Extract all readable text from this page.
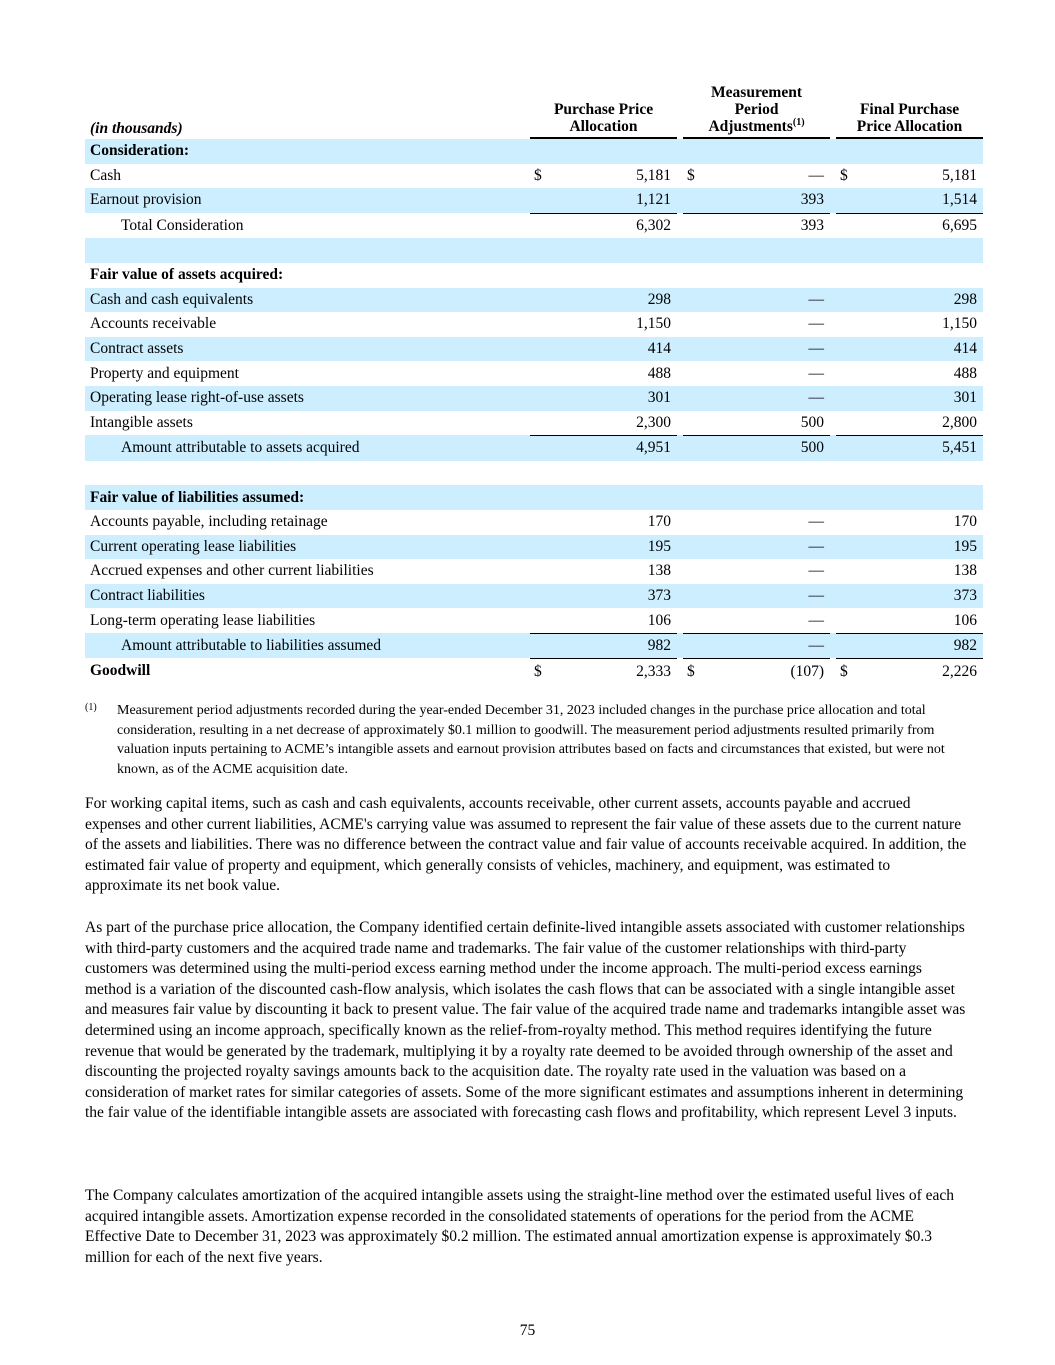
(in thousands)	
Purchase Price
Allocation

Measurement
Period
Adjustments$^{(1)}$

Final Purchase
Price Allocation

Consideration:								
Cash	$	5,181		$	—		$	5,181
Earnout provision		1,121			393			1,514
Total Consideration		6,302			393			6,695

Fair value of assets acquired:								
Cash and cash equivalents		298			—			298
Accounts receivable		1,150			—			1,150
Contract assets		414			—			414
Property and equipment		488			—			488
Operating lease right-of-use assets		301			—			301
Intangible assets		2,300			500			2,800
Amount attributable to assets acquired		4,951			500			5,451

Fair value of liabilities assumed:								
Accounts payable, including retainage		170			—			170
Current operating lease liabilities		195			—			195
Accrued expenses and other current liabilities		138			—			138
Contract liabilities		373			—			373
Long-term operating lease liabilities		106			—			106
Amount attributable to liabilities assumed		982			—			982
Goodwill	$	2,333		$	(107)		$	2,226
(1) Measurement period adjustments recorded during the year-ended December 31, 2023 included changes in the purchase price allocation and total consideration, resulting in a net decrease of approximately $0.1 million to goodwill. The measurement period adjustments resulted primarily from valuation inputs pertaining to ACME’s intangible assets and earnout provision attributes based on facts and circumstances that existed, but were not known, as of the ACME acquisition date.
For working capital items, such as cash and cash equivalents, accounts receivable, other current assets, accounts payable and accrued expenses and other current liabilities, ACME's carrying value was assumed to represent the fair value of these assets due to the current nature of the assets and liabilities. There was no difference between the contract value and fair value of accounts receivable acquired. In addition, the estimated fair value of property and equipment, which generally consists of vehicles, machinery, and equipment, was estimated to approximate its net book value.
As part of the purchase price allocation, the Company identified certain definite-lived intangible assets associated with customer relationships with third-party customers and the acquired trade name and trademarks. The fair value of the customer relationships with third-party customers was determined using the multi-period excess earning method under the income approach. The multi-period excess earnings method is a variation of the discounted cash-flow analysis, which isolates the cash flows that can be associated with a single intangible asset and measures fair value by discounting it back to present value. The fair value of the acquired trade name and trademarks intangible asset was determined using an income approach, specifically known as the relief-from-royalty method. This method requires identifying the future revenue that would be generated by the trademark, multiplying it by a royalty rate deemed to be avoided through ownership of the asset and discounting the projected royalty savings amounts back to the acquisition date. The royalty rate used in the valuation was based on a consideration of market rates for similar categories of assets. Some of the more significant estimates and assumptions inherent in determining the fair value of the identifiable intangible assets are associated with forecasting cash flows and profitability, which represent Level 3 inputs.
The Company calculates amortization of the acquired intangible assets using the straight-line method over the estimated useful lives of each acquired intangible assets. Amortization expense recorded in the consolidated statements of operations for the period from the ACME Effective Date to December 31, 2023 was approximately $0.2 million. The estimated annual amortization expense is approximately $0.3 million for each of the next five years.
75
